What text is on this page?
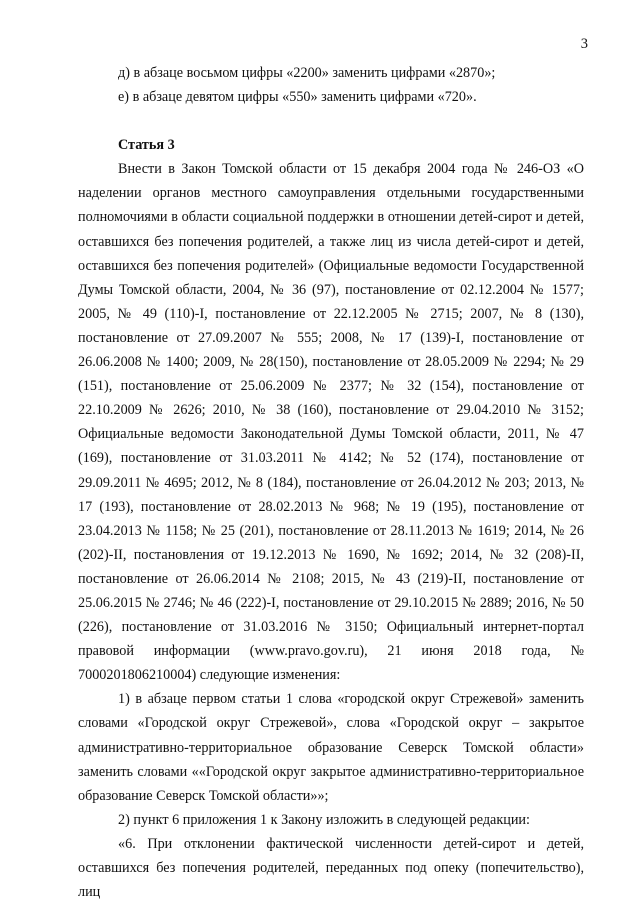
3

д) в абзаце восьмом цифры «2200» заменить цифрами «2870»;

е) в абзаце девятом цифры «550» заменить цифрами «720».

Статья 3

Внести в Закон Томской области от 15 декабря 2004 года № 246-ОЗ «О наделении органов местного самоуправления отдельными государственными полномочиями в области социальной поддержки в отношении детей-сирот и детей, оставшихся без попечения родителей, а также лиц из числа детей-сирот и детей, оставшихся без попечения родителей» (Официальные ведомости Государственной Думы Томской области, 2004, № 36 (97), постановление от 02.12.2004 № 1577; 2005, № 49 (110)-I, постановление от 22.12.2005 № 2715; 2007, № 8 (130), постановление от 27.09.2007 № 555; 2008, № 17 (139)-I, постановление от 26.06.2008 № 1400; 2009, № 28(150), постановление от 28.05.2009 № 2294; № 29 (151), постановление от 25.06.2009 № 2377; № 32 (154), постановление от 22.10.2009 № 2626; 2010, № 38 (160), постановление от 29.04.2010 № 3152; Официальные ведомости Законодательной Думы Томской области, 2011, № 47 (169), постановление от 31.03.2011 № 4142; № 52 (174), постановление от 29.09.2011 № 4695; 2012, № 8 (184), постановление от 26.04.2012 № 203; 2013, № 17 (193), постановление от 28.02.2013 № 968; № 19 (195), постановление от 23.04.2013 № 1158; № 25 (201), постановление от 28.11.2013 № 1619; 2014, № 26 (202)-II, постановления от 19.12.2013 № 1690, № 1692; 2014, № 32 (208)-II, постановление от 26.06.2014 № 2108; 2015, № 43 (219)-II, постановление от 25.06.2015 № 2746; № 46 (222)-I, постановление от 29.10.2015 № 2889; 2016, № 50 (226), постановление от 31.03.2016 № 3150; Официальный интернет-портал правовой информации (www.pravo.gov.ru), 21 июня 2018 года, № 7000201806210004) следующие изменения:

1) в абзаце первом статьи 1 слова «городской округ Стрежевой» заменить словами «Городской округ Стрежевой», слова «Городской округ – закрытое административно-территориальное образование Северск Томской области» заменить словами ««Городской округ закрытое административно-территориальное образование Северск Томской области»»;

2) пункт 6 приложения 1 к Закону изложить в следующей редакции:

«6. При отклонении фактической численности детей-сирот и детей, оставшихся без попечения родителей, переданных под опеку (попечительство), лиц
